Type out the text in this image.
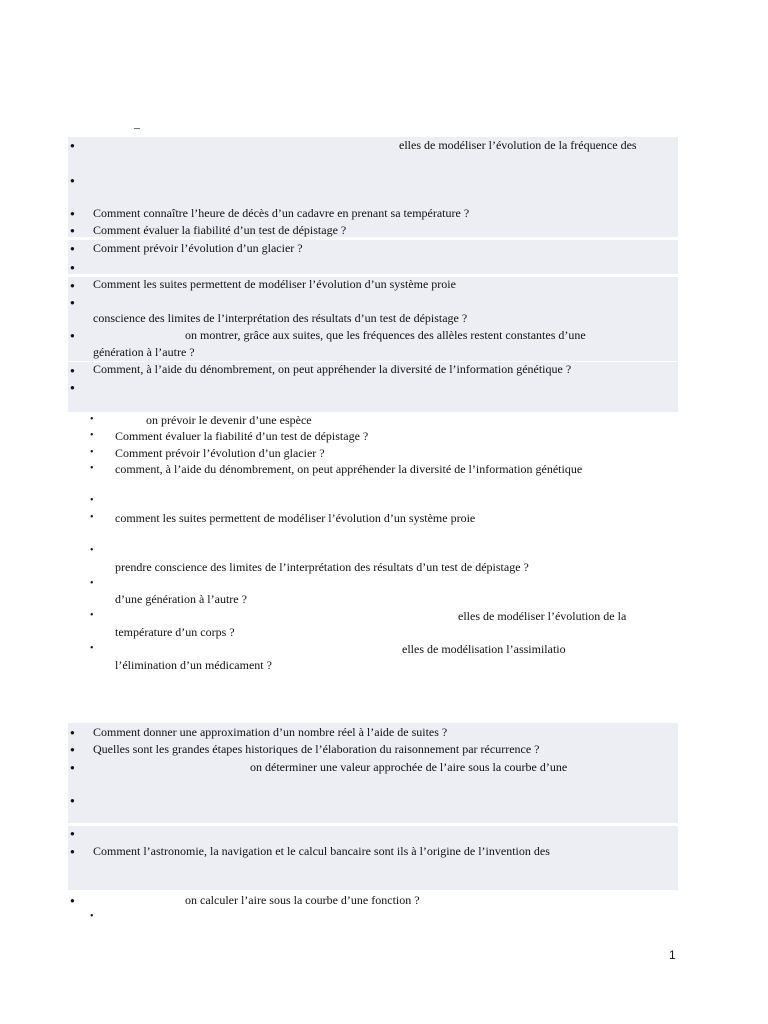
–
●
●
●
●
●
●
●
●
●
●
●
elles de modéliser l’évolution de la fréquence des
Comment connaître l’heure de décès d’un cadavre en prenant sa température ?
Comment évaluer la fiabilité d’un test de dépistage ?
Comment prévoir l’évolution d’un glacier ?
Comment les suites permettent de modéliser l’évolution d’un système proie
conscience des limites de l’interprétation des résultats d’un test de dépistage ?
on montrer, grâce aux suites, que les fréquences des allèles restent constantes d’une
génération à l’autre ?
Comment, à l’aide du dénombrement, on peut appréhender la diversité de l’information génétique ?
•
•
•
•
•
•
•
•
•
•
on prévoir le devenir d’une espèce
Comment évaluer la fiabilité d’un test de dépistage ?
Comment prévoir l’évolution d’un glacier ?
comment, à l’aide du dénombrement, on peut appréhender la diversité de l’information génétique
comment les suites permettent de modéliser l’évolution d’un système proie
prendre conscience des limites de l’interprétation des résultats d’un test de dépistage ?
d’une génération à l’autre ?
elles de modéliser l’évolution de la
température d’un corps ?
elles de modélisation l’assimilatio
l’élimination d’un médicament ?
●
●
●
●
●
●
●
•
Comment donner une approximation d’un nombre réel à l’aide de suites ?
Quelles sont les grandes étapes historiques de l’élaboration du raisonnement par récurrence ?
on déterminer une valeur approchée de l’aire sous la courbe d’une
Comment l’astronomie, la navigation et le calcul bancaire sont ils à l’origine de l’invention des
on calculer l’aire sous la courbe d’une fonction ?
1
